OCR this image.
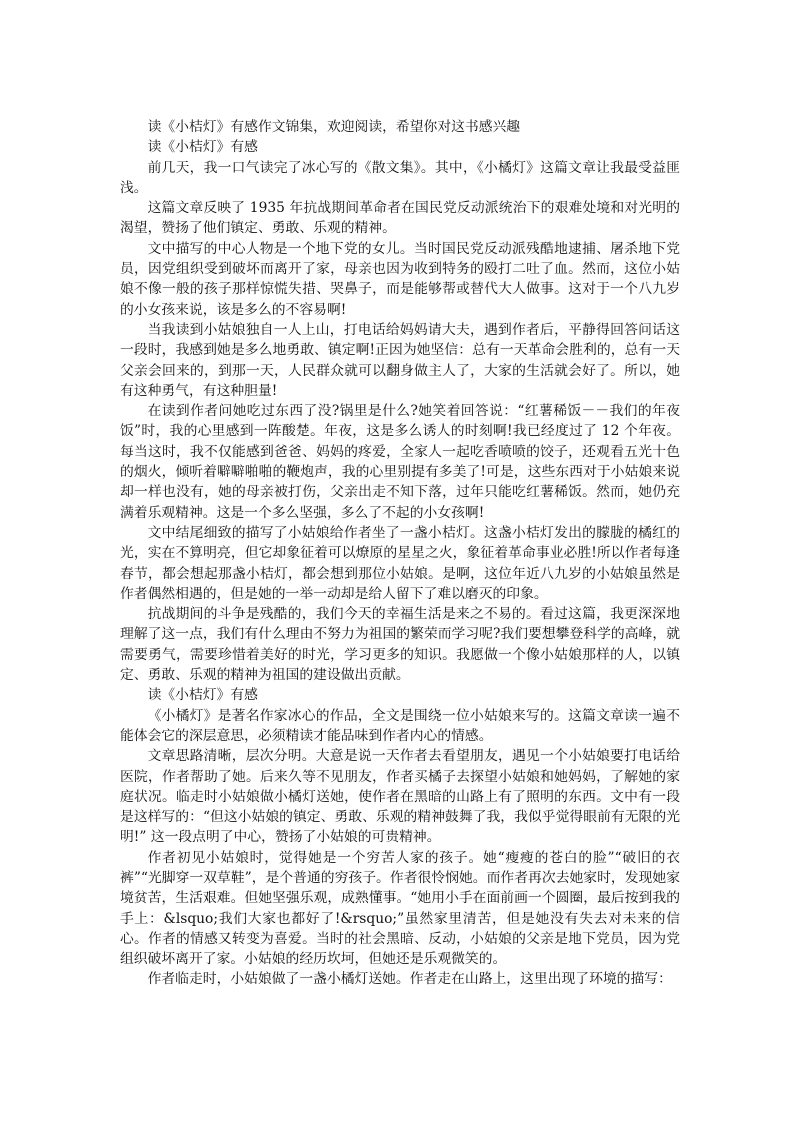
读《小桔灯》有感作文锦集，欢迎阅读，希望你对这书感兴趣

读《小桔灯》有感

前几天，我一口气读完了冰心写的《散文集》。其中，《小橘灯》这篇文章让我最受益匪浅。

这篇文章反映了 1935 年抗战期间革命者在国民党反动派统治下的艰难处境和对光明的渴望，赞扬了他们镇定、勇敢、乐观的精神。

文中描写的中心人物是一个地下党的女儿。当时国民党反动派残酷地逮捕、屠杀地下党员，因党组织受到破坏而离开了家，母亲也因为收到特务的殴打二吐了血。然而，这位小姑娘不像一般的孩子那样惊慌失措、哭鼻子，而是能够帮或替代大人做事。这对于一个八九岁的小女孩来说，该是多么的不容易啊!

当我读到小姑娘独自一人上山，打电话给妈妈请大夫，遇到作者后，平静得回答问话这一段时，我感到她是多么地勇敢、镇定啊!正因为她坚信：总有一天革命会胜利的，总有一天父亲会回来的，到那一天，人民群众就可以翻身做主人了，大家的生活就会好了。所以，她有这种勇气，有这种胆量!

在读到作者问她吃过东西了没?锅里是什么?她笑着回答说：“红薯稀饭－－我们的年夜饭”时，我的心里感到一阵酸楚。年夜，这是多么诱人的时刻啊!我已经度过了 12 个年夜。每当这时，我不仅能感到爸爸、妈妈的疼爱，全家人一起吃香喷喷的饺子，还观看五光十色的烟火，倾听着噼噼啪啪的鞭炮声，我的心里别提有多美了!可是，这些东西对于小姑娘来说却一样也没有，她的母亲被打伤，父亲出走不知下落，过年只能吃红薯稀饭。然而，她仍充满着乐观精神。这是一个多么坚强，多么了不起的小女孩啊!

文中结尾细致的描写了小姑娘给作者坐了一盏小桔灯。这盏小桔灯发出的朦胧的橘红的光，实在不算明亮，但它却象征着可以燎原的星星之火，象征着革命事业必胜!所以作者每逢春节，都会想起那盏小桔灯，都会想到那位小姑娘。是啊，这位年近八九岁的小姑娘虽然是作者偶然相遇的，但是她的一举一动却是给人留下了难以磨灭的印象。

抗战期间的斗争是残酷的，我们今天的幸福生活是来之不易的。看过这篇，我更深深地理解了这一点，我们有什么理由不努力为祖国的繁荣而学习呢?我们要想攀登科学的高峰，就需要勇气，需要珍惜着美好的时光，学习更多的知识。我愿做一个像小姑娘那样的人，以镇定、勇敢、乐观的精神为祖国的建设做出贡献。

读《小桔灯》有感

《小橘灯》是著名作家冰心的作品，全文是围绕一位小姑娘来写的。这篇文章读一遍不能体会它的深层意思，必须精读才能品味到作者内心的情感。

文章思路清晰，层次分明。大意是说一天作者去看望朋友，遇见一个小姑娘要打电话给医院，作者帮助了她。后来久等不见朋友，作者买橘子去探望小姑娘和她妈妈，了解她的家庭状况。临走时小姑娘做小橘灯送她，使作者在黑暗的山路上有了照明的东西。文中有一段是这样写的：“但这小姑娘的镇定、勇敢、乐观的精神鼓舞了我，我似乎觉得眼前有无限的光明!” 这一段点明了中心，赞扬了小姑娘的可贵精神。

作者初见小姑娘时，觉得她是一个穷苦人家的孩子。她“瘦瘦的苍白的脸”“破旧的衣裤”“光脚穿一双草鞋”，是个普通的穷孩子。作者很怜悯她。而作者再次去她家时，发现她家境贫苦，生活艰难。但她坚强乐观，成熟懂事。“她用小手在面前画一个圆圈，最后按到我的手上：&lsquo;我们大家也都好了!&rsquo;”虽然家里清苦，但是她没有失去对未来的信心。作者的情感又转变为喜爱。当时的社会黑暗、反动，小姑娘的父亲是地下党员，因为党组织破坏离开了家。小姑娘的经历坎坷，但她还是乐观微笑的。

作者临走时，小姑娘做了一盏小橘灯送她。作者走在山路上，这里出现了环境的描写：
